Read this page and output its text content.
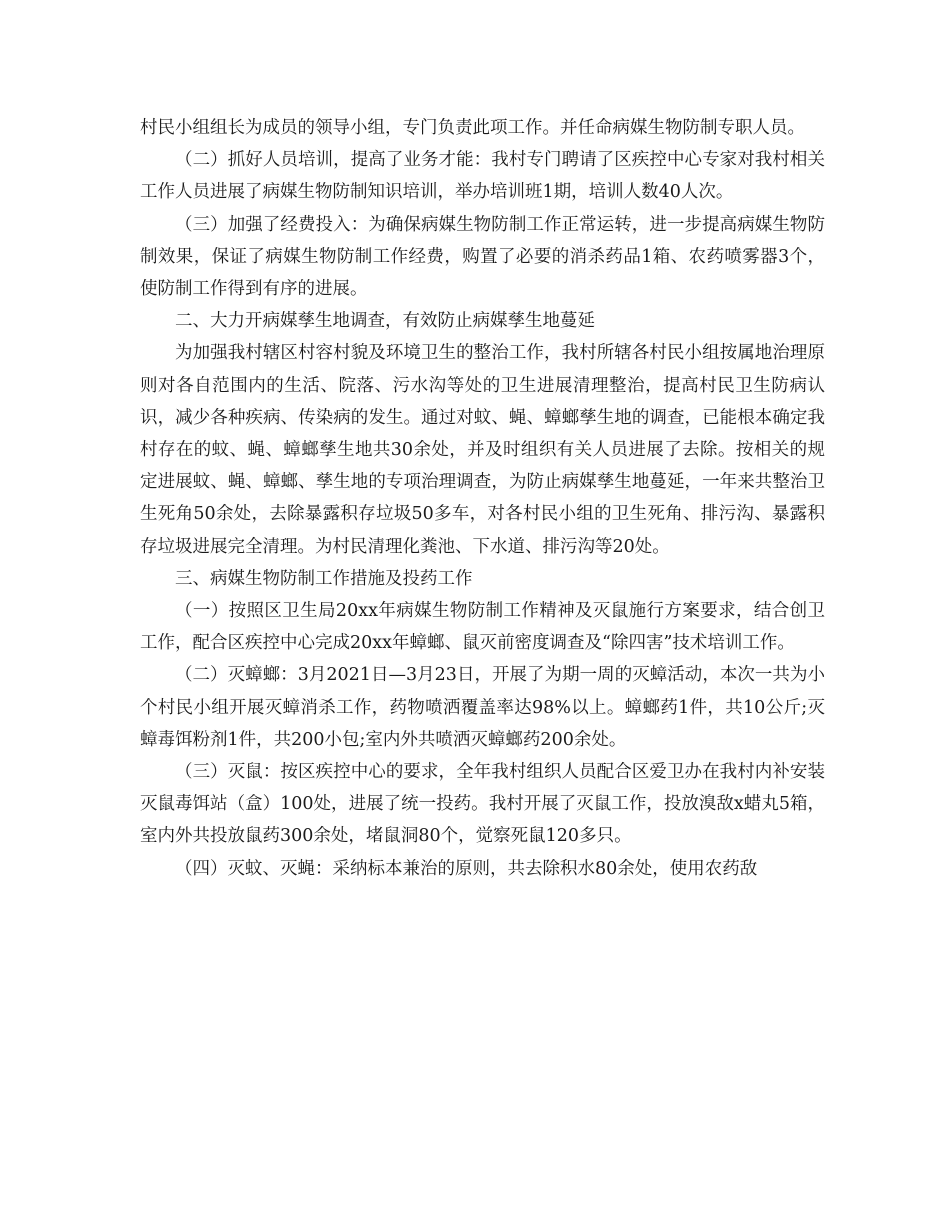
村民小组组长为成员的领导小组，专门负责此项工作。并任命病媒生物防制专职人员。

（二）抓好人员培训，提高了业务才能：我村专门聘请了区疾控中心专家对我村相关工作人员进展了病媒生物防制知识培训，举办培训班1期，培训人数40人次。

（三）加强了经费投入：为确保病媒生物防制工作正常运转，进一步提高病媒生物防制效果，保证了病媒生物防制工作经费，购置了必要的消杀药品1箱、农药喷雾器3个，使防制工作得到有序的进展。

二、大力开病媒孳生地调查，有效防止病媒孳生地蔓延

为加强我村辖区村容村貌及环境卫生的整治工作，我村所辖各村民小组按属地治理原则对各自范围内的生活、院落、污水沟等处的卫生进展清理整治，提高村民卫生防病认识，减少各种疾病、传染病的发生。通过对蚊、蝇、蟑螂孳生地的调查，已能根本确定我村存在的蚊、蝇、蟑螂孳生地共30余处，并及时组织有关人员进展了去除。按相关的规定进展蚊、蝇、蟑螂、孳生地的专项治理调查，为防止病媒孳生地蔓延，一年来共整治卫生死角50余处，去除暴露积存垃圾50多车，对各村民小组的卫生死角、排污沟、暴露积存垃圾进展完全清理。为村民清理化粪池、下水道、排污沟等20处。

三、病媒生物防制工作措施及投药工作

（一）按照区卫生局20xx年病媒生物防制工作精神及灭鼠施行方案要求，结合创卫工作，配合区疾控中心完成20xx年蟑螂、鼠灭前密度调查及“除四害”技术培训工作。

（二）灭蟑螂：3月2021日—3月23日，开展了为期一周的灭蟑活动，本次一共为小个村民小组开展灭蟑消杀工作，药物喷洒覆盖率达98%以上。蟑螂药1件，共10公斤;灭蟑毒饵粉剂1件，共200小包;室内外共喷洒灭蟑螂药200余处。

（三）灭鼠：按区疾控中心的要求，全年我村组织人员配合区爱卫办在我村内补安装灭鼠毒饵站（盒）100处，进展了统一投药。我村开展了灭鼠工作，投放溴敌x蜡丸5箱，室内外共投放鼠药300余处，堵鼠洞80个，觉察死鼠120多只。

（四）灭蚊、灭蝇：采纳标本兼治的原则，共去除积水80余处，使用农药敌
